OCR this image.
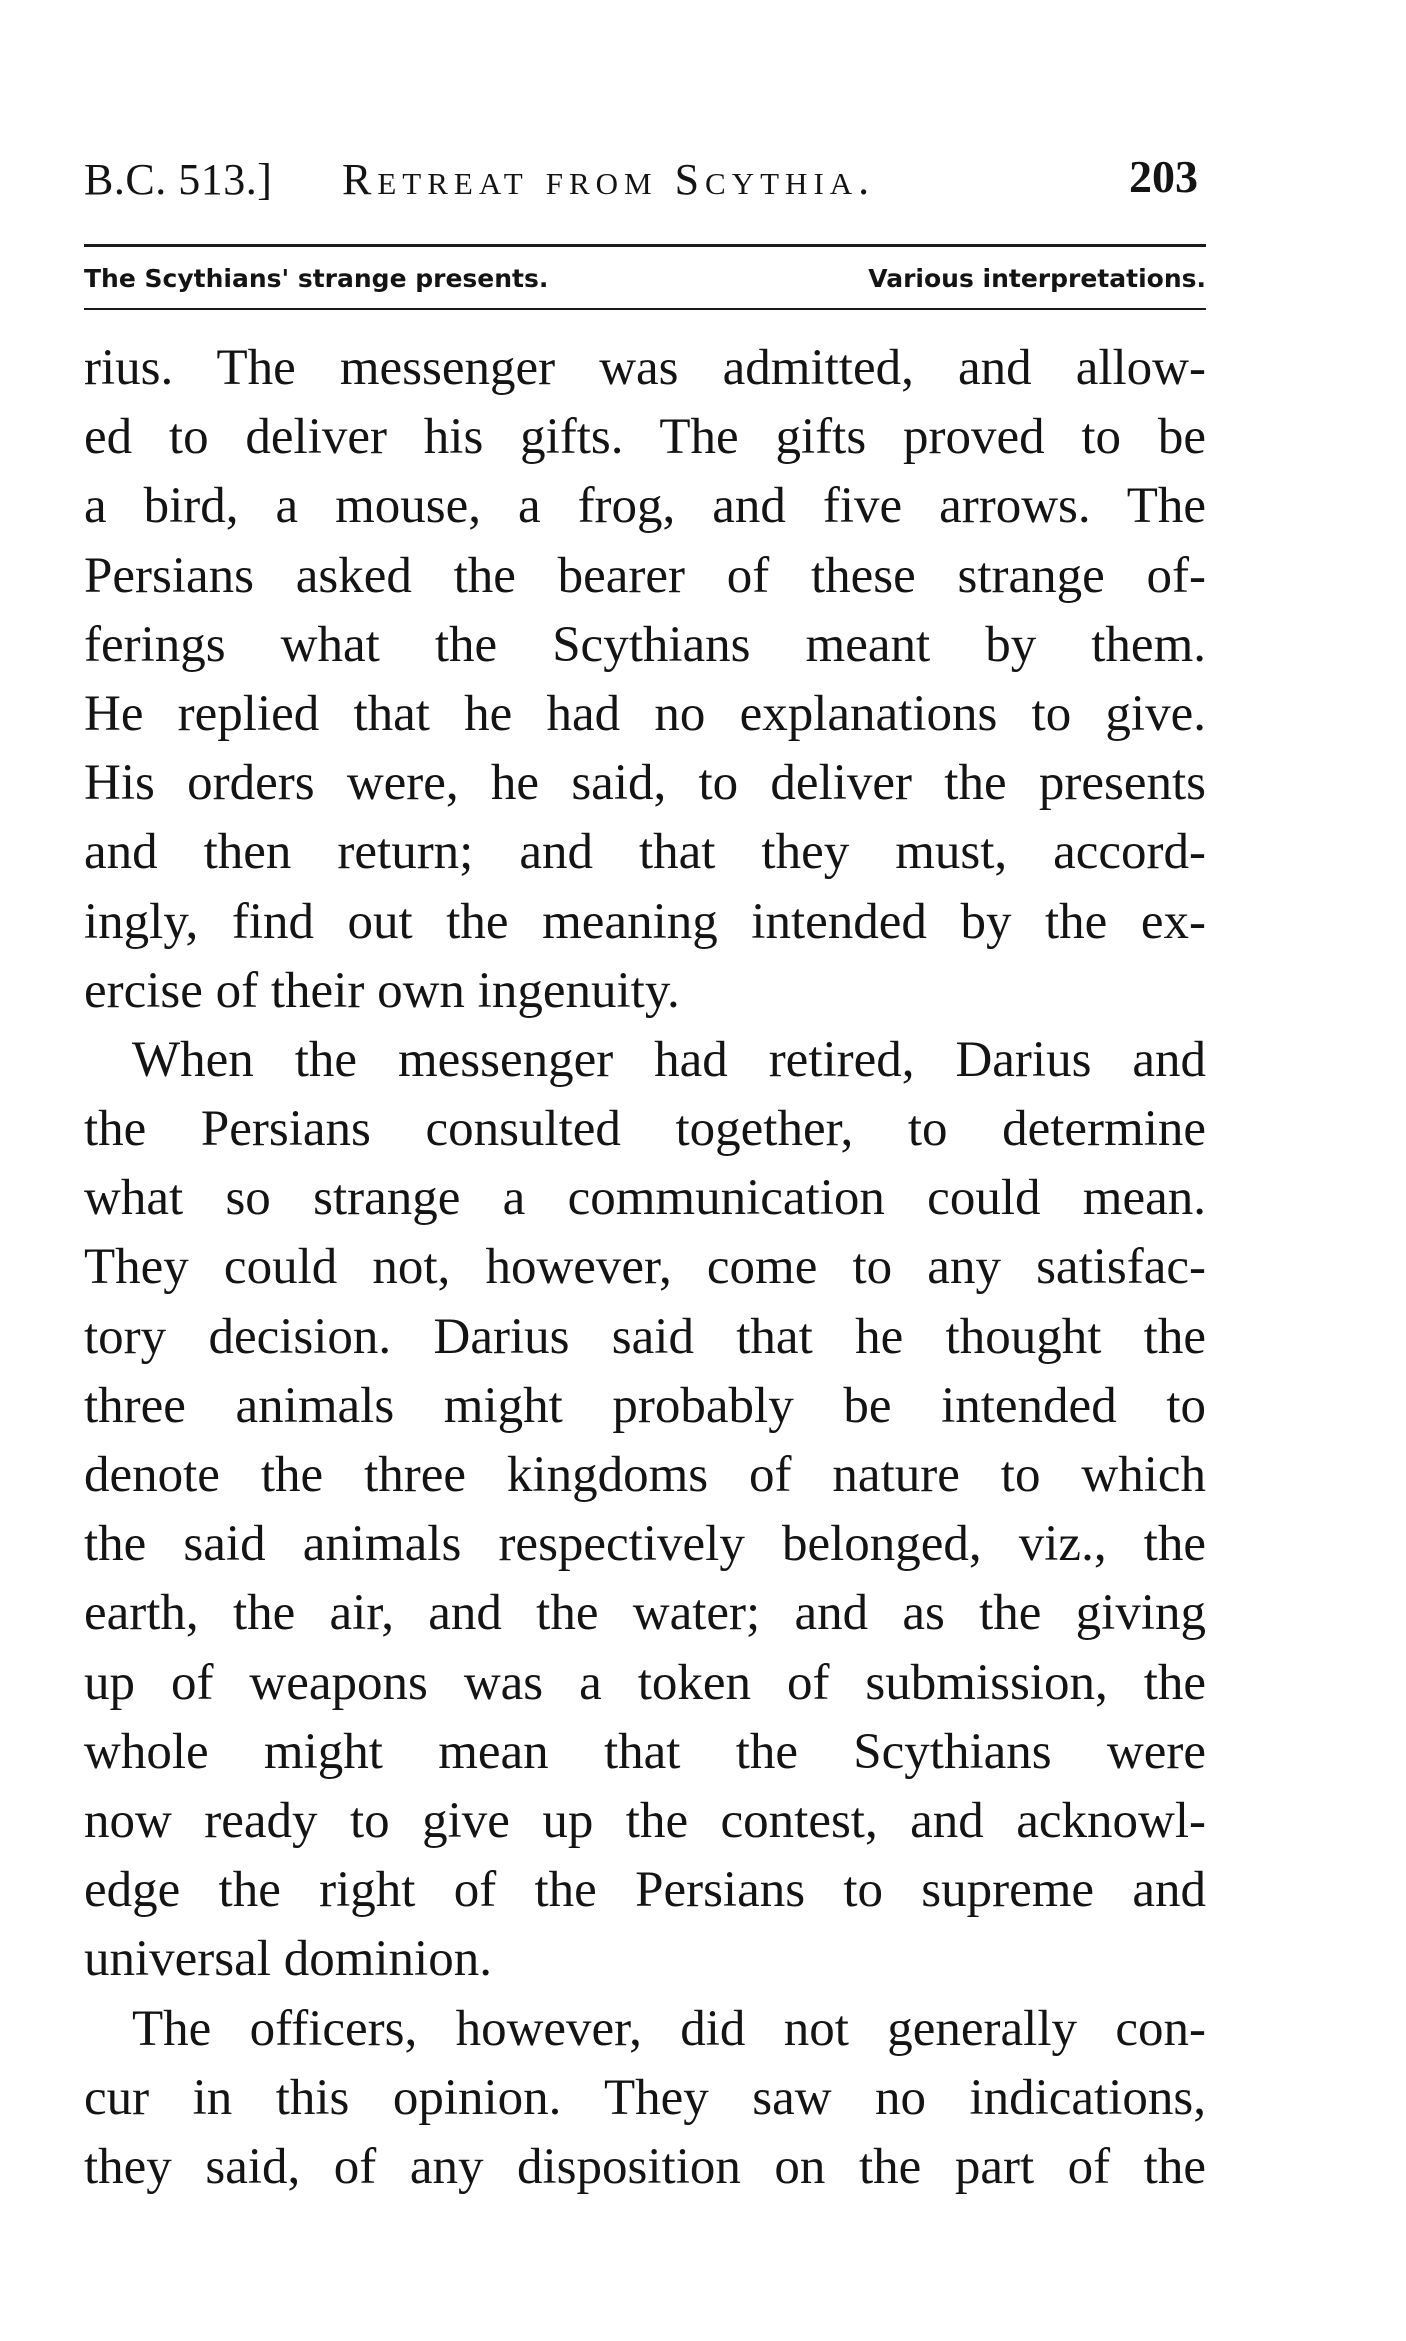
B.C. 513.] Retreat from Scythia.	203
The Scythians' strange presents.	Various interpretations.
rius. The messenger was admitted, and allow-
ed to deliver his gifts. The gifts proved to be
a bird, a mouse, a frog, and five arrows. The
Persians asked the bearer of these strange of-
ferings what the Scythians meant by them.
He replied that he had no explanations to give.
His orders were, he said, to deliver the presents
and then return; and that they must, accord-
ingly, find out the meaning intended by the ex-
ercise of their own ingenuity.
When the messenger had retired, Darius and
the Persians consulted together, to determine
what so strange a communication could mean.
They could not, however, come to any satisfac-
tory decision. Darius said that he thought the
three animals might probably be intended to
denote the three kingdoms of nature to which
the said animals respectively belonged, viz., the
earth, the air, and the water; and as the giving
up of weapons was a token of submission, the
whole might mean that the Scythians were
now ready to give up the contest, and acknowl-
edge the right of the Persians to supreme and
universal dominion.
The officers, however, did not generally con-
cur in this opinion. They saw no indications,
they said, of any disposition on the part of the
